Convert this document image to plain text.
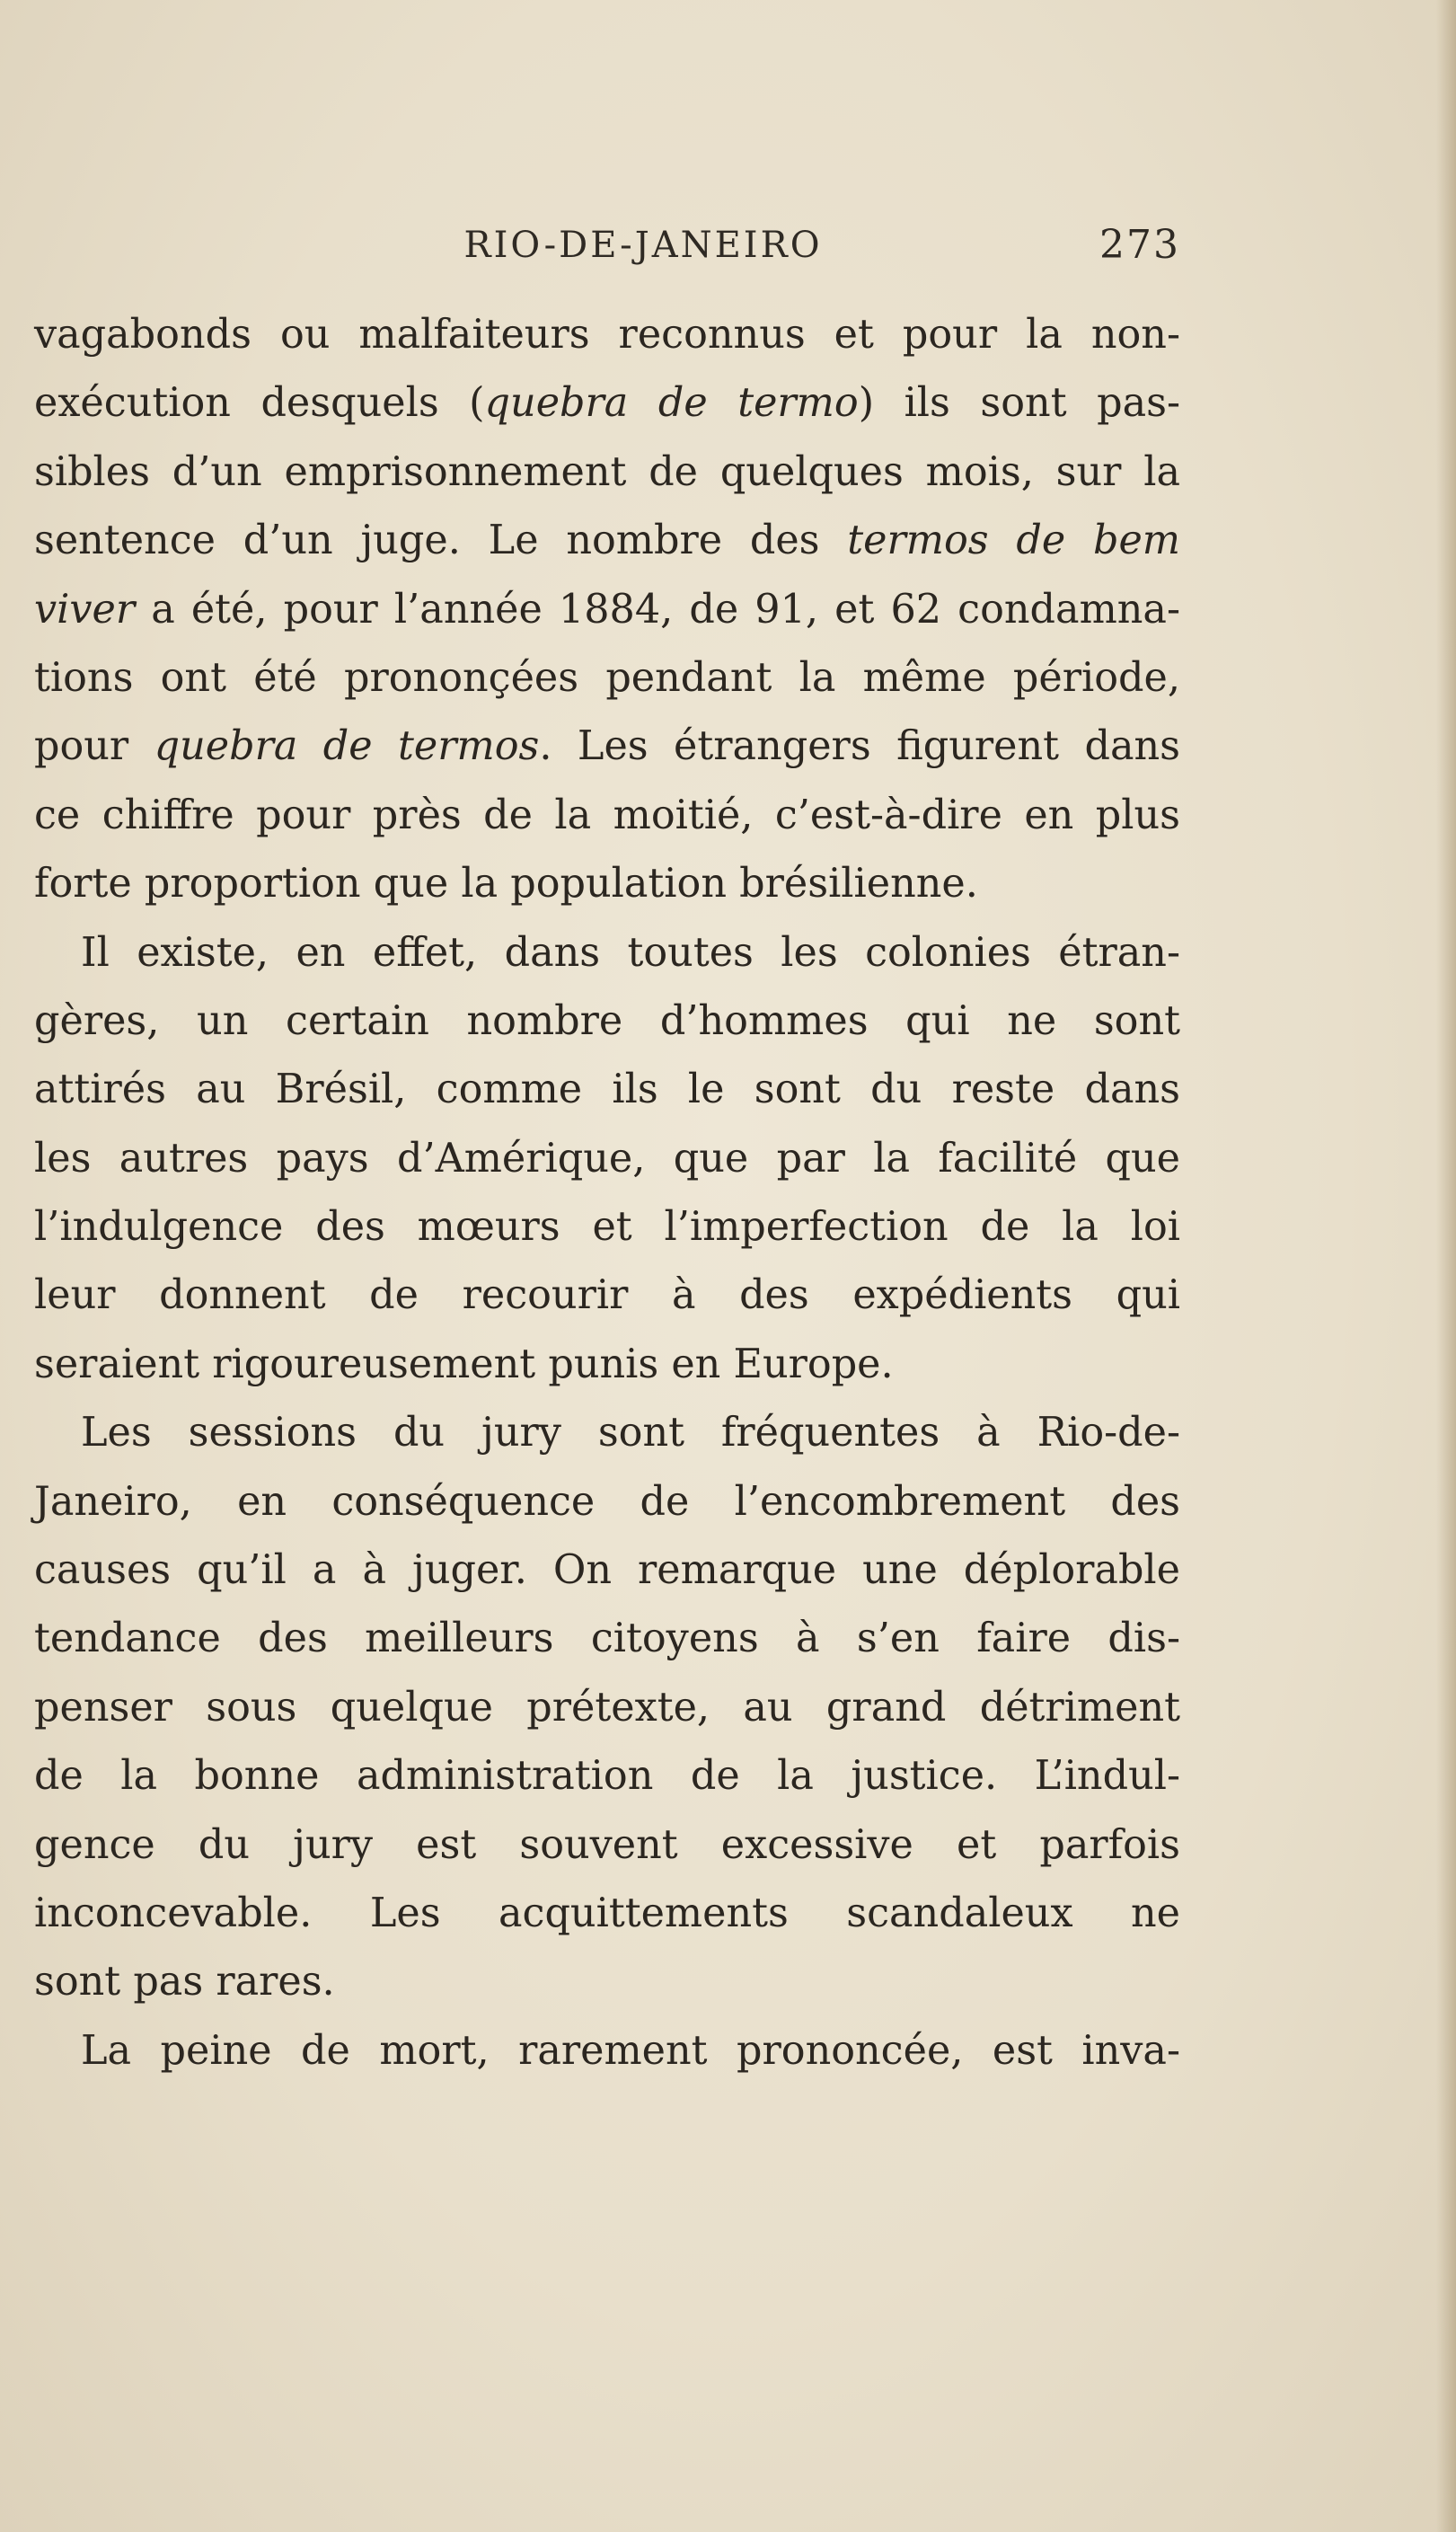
RIO-DE-JANEIRO	273
vagabonds ou malfaiteurs reconnus et pour la non-
exécution desquels (quebra de termo) ils sont pas-
sibles d’un emprisonnement de quelques mois, sur la
sentence d’un juge. Le nombre des termos de bem
viver a été, pour l’année 1884, de 91, et 62 condamna-
tions ont été prononçées pendant la même période,
pour quebra de termos. Les étrangers figurent dans
ce chiffre pour près de la moitié, c’est-à-dire en plus
forte proportion que la population brésilienne.
Il existe, en effet, dans toutes les colonies étran-
gères, un certain nombre d’hommes qui ne sont
attirés au Brésil, comme ils le sont du reste dans
les autres pays d’Amérique, que par la facilité que
l’indulgence des mœurs et l’imperfection de la loi
leur donnent de recourir à des expédients qui
seraient rigoureusement punis en Europe.
Les sessions du jury sont fréquentes à Rio-de-
Janeiro, en conséquence de l’encombrement des
causes qu’il a à juger. On remarque une déplorable
tendance des meilleurs citoyens à s’en faire dis-
penser sous quelque prétexte, au grand détriment
de la bonne administration de la justice. L’indul-
gence du jury est souvent excessive et parfois
inconcevable. Les acquittements scandaleux ne
sont pas rares.
La peine de mort, rarement prononcée, est inva-
